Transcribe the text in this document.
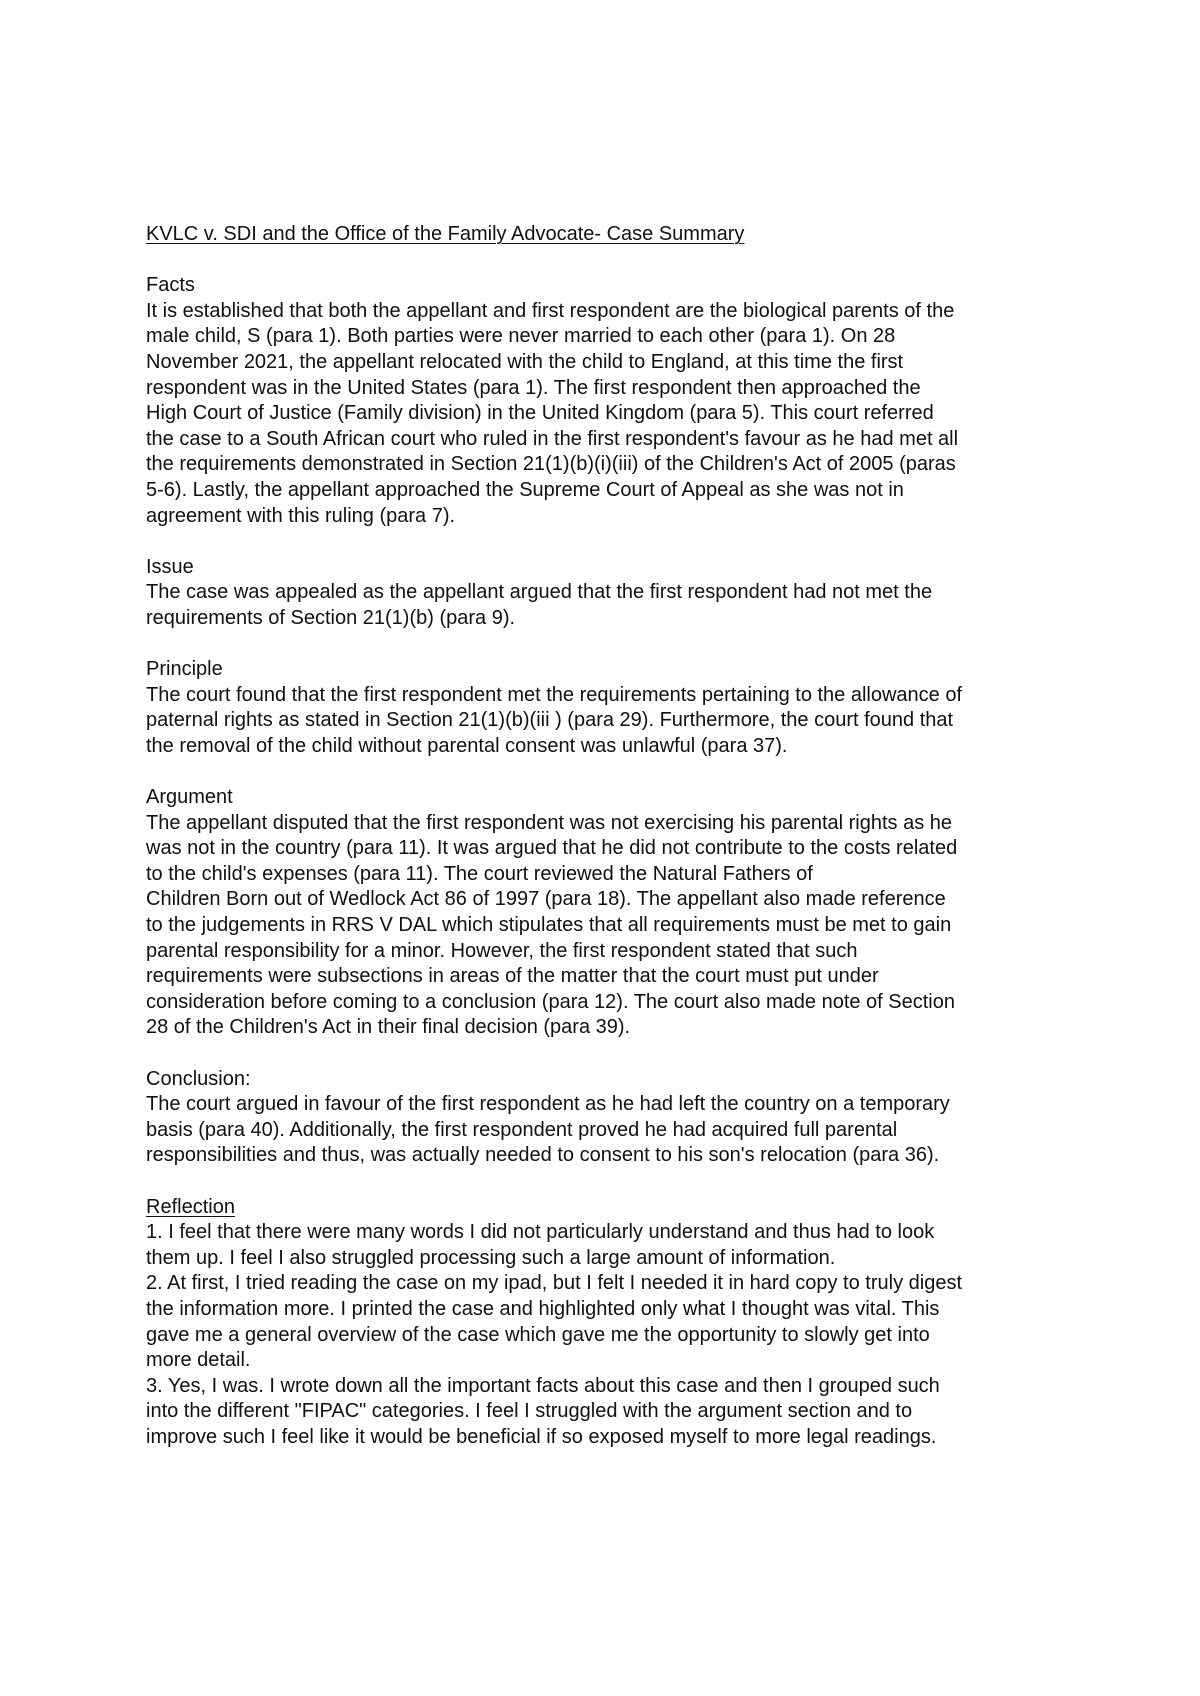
KVLC v. SDI and the Office of the Family Advocate- Case Summary
Facts
It is established that both the appellant and first respondent are the biological parents of the
male child, S (para 1). Both parties were never married to each other (para 1). On 28
November 2021, the appellant relocated with the child to England, at this time the first
respondent was in the United States (para 1). The first respondent then approached the
High Court of Justice (Family division) in the United Kingdom (para 5). This court referred
the case to a South African court who ruled in the first respondent's favour as he had met all
the requirements demonstrated in Section 21(1)(b)(i)(iii) of the Children's Act of 2005 (paras
5-6). Lastly, the appellant approached the Supreme Court of Appeal as she was not in
agreement with this ruling (para 7).
Issue
The case was appealed as the appellant argued that the first respondent had not met the
requirements of Section 21(1)(b) (para 9).
Principle
The court found that the first respondent met the requirements pertaining to the allowance of
paternal rights as stated in Section 21(1)(b)(iii ) (para 29). Furthermore, the court found that
the removal of the child without parental consent was unlawful (para 37).
Argument
The appellant disputed that the first respondent was not exercising his parental rights as he
was not in the country (para 11). It was argued that he did not contribute to the costs related
to the child's expenses (para 11). The court reviewed the Natural Fathers of
Children Born out of Wedlock Act 86 of 1997 (para 18). The appellant also made reference
to the judgements in RRS V DAL which stipulates that all requirements must be met to gain
parental responsibility for a minor. However, the first respondent stated that such
requirements were subsections in areas of the matter that the court must put under
consideration before coming to a conclusion (para 12). The court also made note of Section
28 of the Children's Act in their final decision (para 39).
Conclusion:
The court argued in favour of the first respondent as he had left the country on a temporary
basis (para 40). Additionally, the first respondent proved he had acquired full parental
responsibilities and thus, was actually needed to consent to his son's relocation (para 36).
Reflection
1. I feel that there were many words I did not particularly understand and thus had to look
them up. I feel I also struggled processing such a large amount of information.
2. At first, I tried reading the case on my ipad, but I felt I needed it in hard copy to truly digest
the information more. I printed the case and highlighted only what I thought was vital. This
gave me a general overview of the case which gave me the opportunity to slowly get into
more detail.
3. Yes, I was. I wrote down all the important facts about this case and then I grouped such
into the different "FIPAC" categories. I feel I struggled with the argument section and to
improve such I feel like it would be beneficial if so exposed myself to more legal readings.
